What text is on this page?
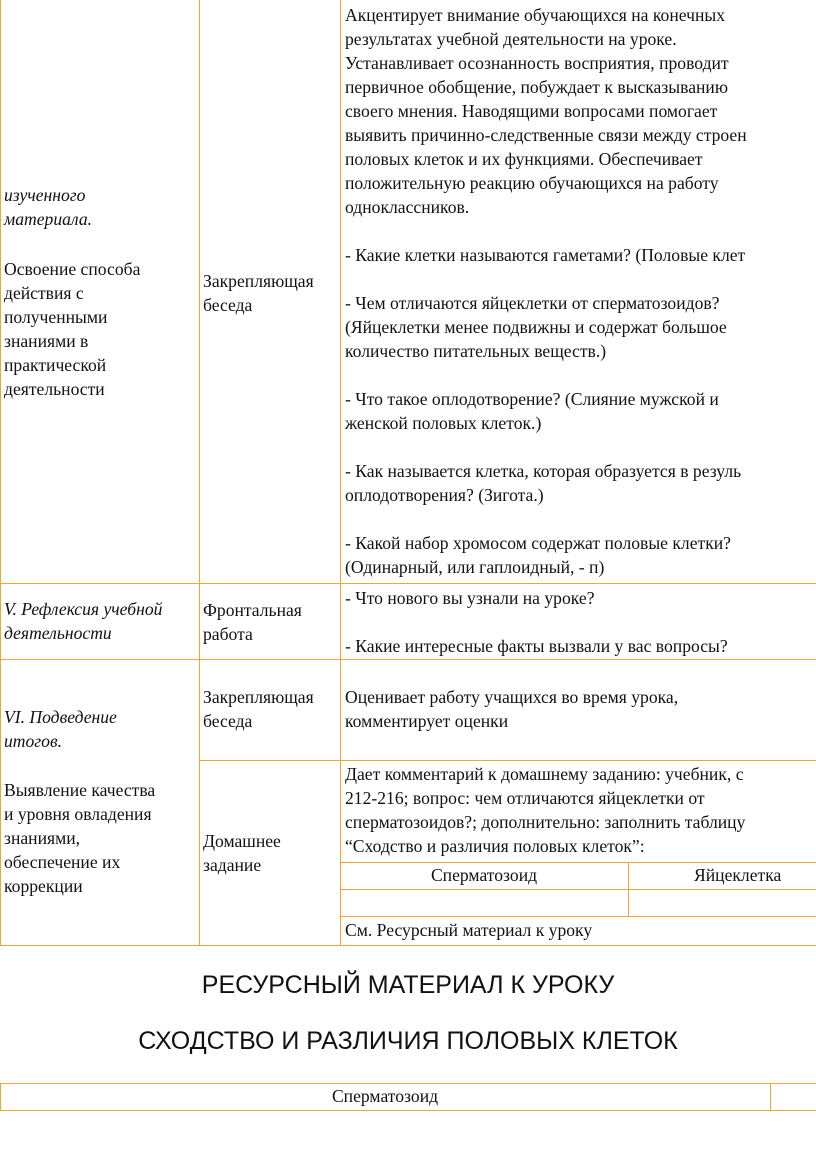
изученного
материала.
Освоение способа
действия с
полученными
знаниями в
практической
деятельности
Закрепляющая
беседа
Акцентирует внимание обучающихся на конечных
результатах учебной деятельности на уроке.
Устанавливает осознанность восприятия, проводит
первичное обобщение, побуждает к высказыванию
своего мнения. Наводящими вопросами помогает
выявить причинно-следственные связи между строен
половых клеток и их функциями. Обеспечивает
положительную реакцию обучающихся на работу
одноклассников.
- Какие клетки называются гаметами? (Половые клет
- Чем отличаются яйцеклетки от сперматозоидов?
(Яйцеклетки менее подвижны и содержат большое
количество питательных веществ.)
- Что такое оплодотворение? (Слияние мужской и
женской половых клеток.)
- Как называется клетка, которая образуется в резуль
оплодотворения? (Зигота.)
- Какой набор хромосом содержат половые клетки?
(Одинарный, или гаплоидный, - п)
V. Рефлексия учебной
деятельности
Фронтальная
работа
- Что нового вы узнали на уроке?
- Какие интересные факты вызвали у вас вопросы?
VI. Подведение
итогов.
Выявление качества
и уровня овладения
знаниями,
обеспечение их
коррекции
Закрепляющая
беседа
Оценивает работу учащихся во время урока,
комментирует оценки
Домашнее
задание
Дает комментарий к домашнему заданию: учебник, с
212-216; вопрос: чем отличаются яйцеклетки от
сперматозоидов?; дополнительно: заполнить таблицу
“Сходство и различия половых клеток”:
Сперматозоид	Яйцеклетка
См. Ресурсный материал к уроку
РЕСУРСНЫЙ МАТЕРИАЛ К УРОКУ
СХОДСТВО И РАЗЛИЧИЯ ПОЛОВЫХ КЛЕТОК
Сперматозоид
